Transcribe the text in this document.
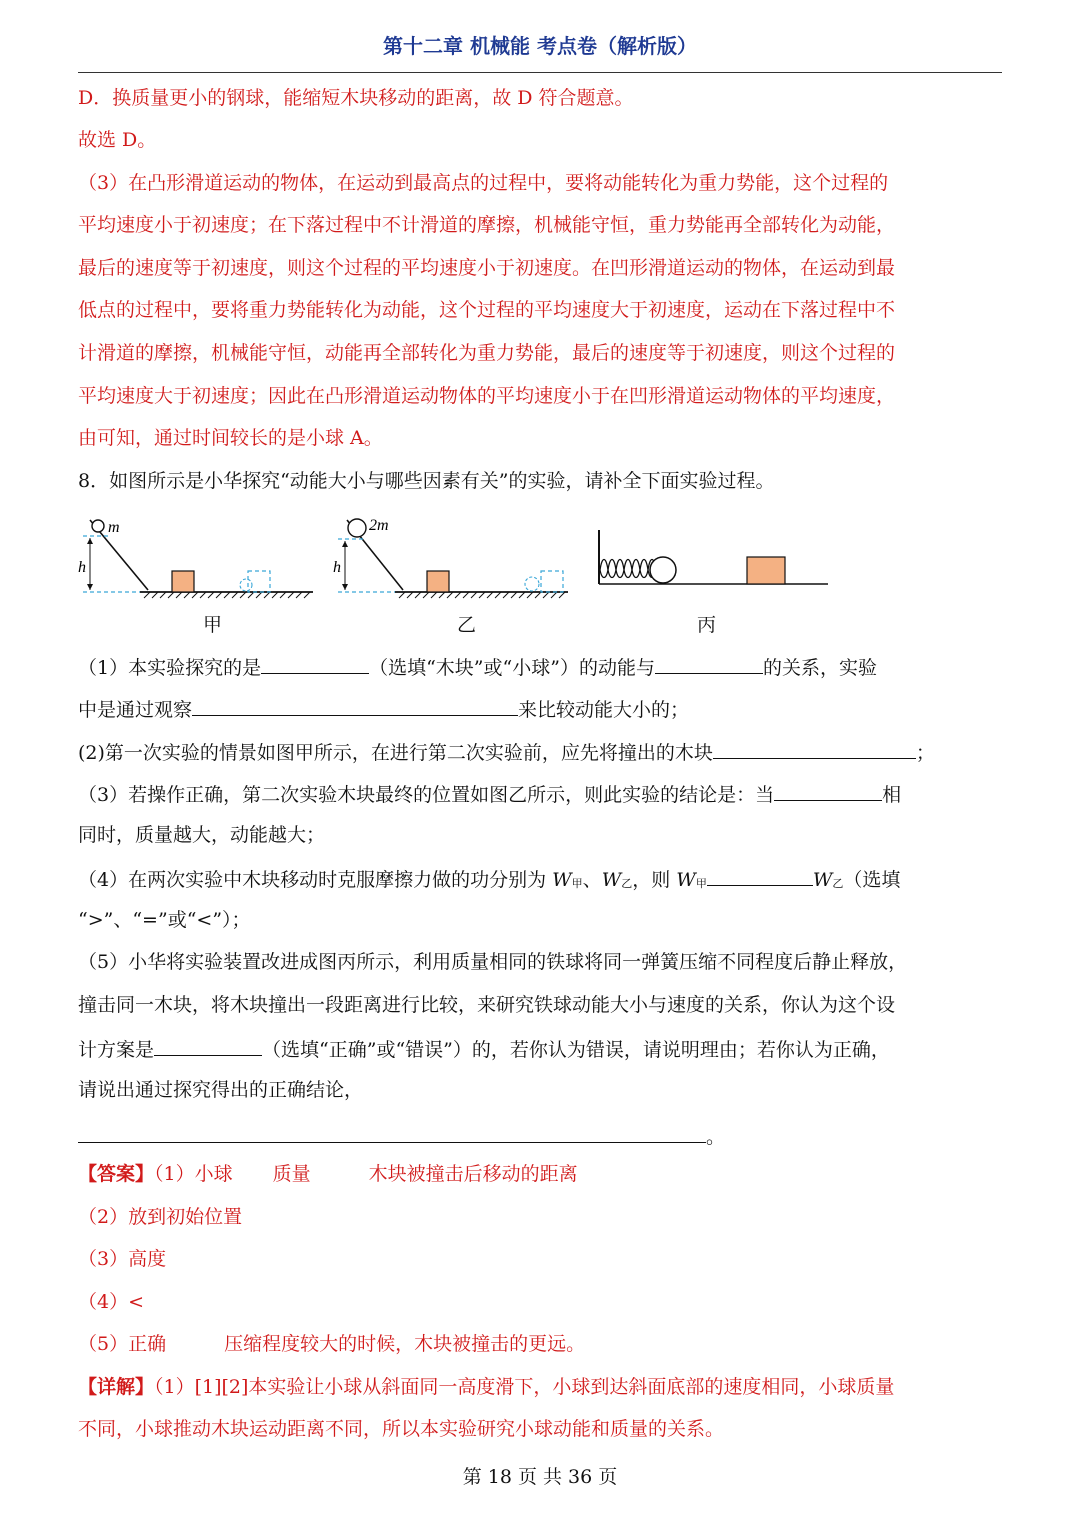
第十二章 机械能 考点卷（解析版）
D．换质量更小的钢球，能缩短木块移动的距离，故 D 符合题意。
故选 D。
（3）在凸形滑道运动的物体，在运动到最高点的过程中，要将动能转化为重力势能，这个过程的
平均速度小于初速度；在下落过程中不计滑道的摩擦，机械能守恒，重力势能再全部转化为动能，
最后的速度等于初速度，则这个过程的平均速度小于初速度。在凹形滑道运动的物体，在运动到最
低点的过程中，要将重力势能转化为动能，这个过程的平均速度大于初速度，运动在下落过程中不
计滑道的摩擦，机械能守恒，动能再全部转化为重力势能，最后的速度等于初速度，则这个过程的
平均速度大于初速度；因此在凸形滑道运动物体的平均速度小于在凹形滑道运动物体的平均速度，
由可知，通过时间较长的是小球 A。
8．如图所示是小华探究“动能大小与哪些因素有关”的实验，请补全下面实验过程。
m
h
甲
2m
h
乙	丙
（1）本实验探究的是	（选填“木块”或“小球”）的动能与	的关系，实验
中是通过观察	来比较动能大小的；
(2)第一次实验的情景如图甲所示，在进行第二次实验前，应先将撞出的木块	；
（3）若操作正确，第二次实验木块最终的位置如图乙所示，则此实验的结论是：当	相
同时，质量越大，动能越大；
（4）在两次实验中木块移动时克服摩擦力做的功分别为 W甲、W乙，则 W甲	W乙（选填
“>”、“=”或“<”）；
（5）小华将实验装置改进成图丙所示，利用质量相同的铁球将同一弹簧压缩不同程度后静止释放，
撞击同一木块，将木块撞出一段距离进行比较，来研究铁球动能大小与速度的关系，你认为这个设
计方案是	（选填“正确”或“错误”）的，若你认为错误，请说明理由；若你认为正确，
请说出通过探究得出的正确结论，
。
【答案】（1）小球 质量	木块被撞击后移动的距离
（2）放到初始位置
（3）高度
（4）<
（5）正确	压缩程度较大的时候，木块被撞击的更远。
【详解】（1）[1][2]本实验让小球从斜面同一高度滑下，小球到达斜面底部的速度相同，小球质量
不同，小球推动木块运动距离不同，所以本实验研究小球动能和质量的关系。
第 18 页 共 36 页
